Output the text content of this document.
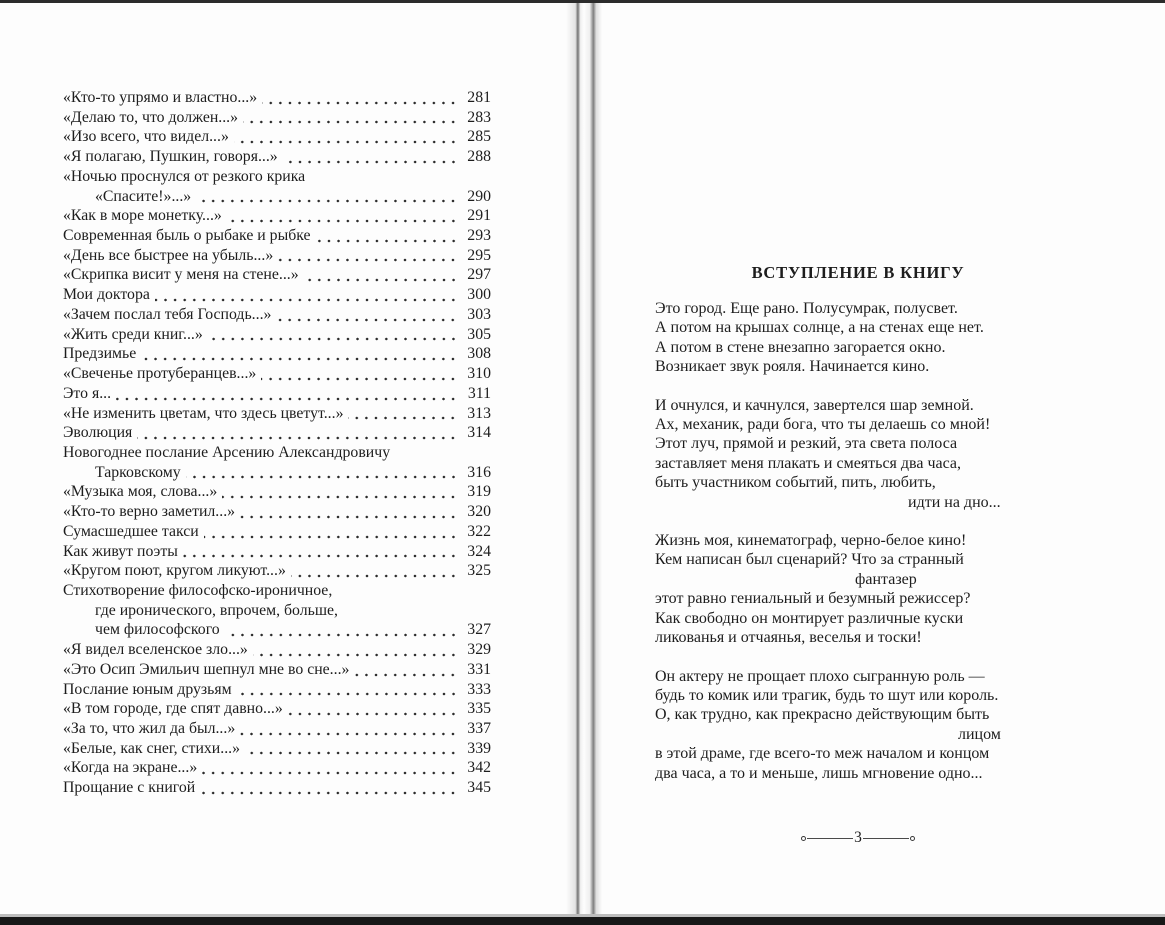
«Кто-то упрямо и властно...»	281
«Делаю то, что должен...»	283
«Изо всего, что видел...»	285
«Я полагаю, Пушкин, говоря...»	288
«Ночью проснулся от резкого крика
«Спасите!»...»	290
«Как в море монетку...»	291
Современная быль о рыбаке и рыбке	293
«День все быстрее на убыль...»	295
«Скрипка висит у меня на стене...»	297
Мои доктора	300
«Зачем послал тебя Господь...»	303
«Жить среди книг...»	305
Предзимье	308
«Свеченье протуберанцев...»	310
Это я...	311
«Не изменить цветам, что здесь цветут...»	313
Эволюция	314
Новогоднее послание Арсению Александровичу
Тарковскому	316
«Музыка моя, слова...»	319
«Кто-то верно заметил...»	320
Сумасшедшее такси	322
Как живут поэты	324
«Кругом поют, кругом ликуют...»	325
Стихотворение философско-ироничное,
где иронического, впрочем, больше,
чем философского	327
«Я видел вселенское зло...»	329
«Это Осип Эмильич шепнул мне во сне...»	331
Послание юным друзьям	333
«В том городе, где спят давно...»	335
«За то, что жил да был...»	337
«Белые, как снег, стихи...»	339
«Когда на экране...»	342
Прощание с книгой	345
ВСТУПЛЕНИЕ В КНИГУ
Это город. Еще рано. Полусумрак, полусвет.
А потом на крышах солнце, а на стенах еще нет.
А потом в стене внезапно загорается окно.
Возникает звук рояля. Начинается кино.
И очнулся, и качнулся, завертелся шар земной.
Ах, механик, ради бога, что ты делаешь со мной!
Этот луч, прямой и резкий, эта света полоса
заставляет меня плакать и смеяться два часа,
быть участником событий, пить, любить,
идти на дно...
Жизнь моя, кинематограф, черно-белое кино!
Кем написан был сценарий? Что за странный
фантазер
этот равно гениальный и безумный режиссер?
Как свободно он монтирует различные куски
ликованья и отчаянья, веселья и тоски!
Он актеру не прощает плохо сыгранную роль —
будь то комик или трагик, будь то шут или король.
О, как трудно, как прекрасно действующим быть
лицом
в этой драме, где всего-то меж началом и концом
два часа, а то и меньше, лишь мгновение одно...
3
